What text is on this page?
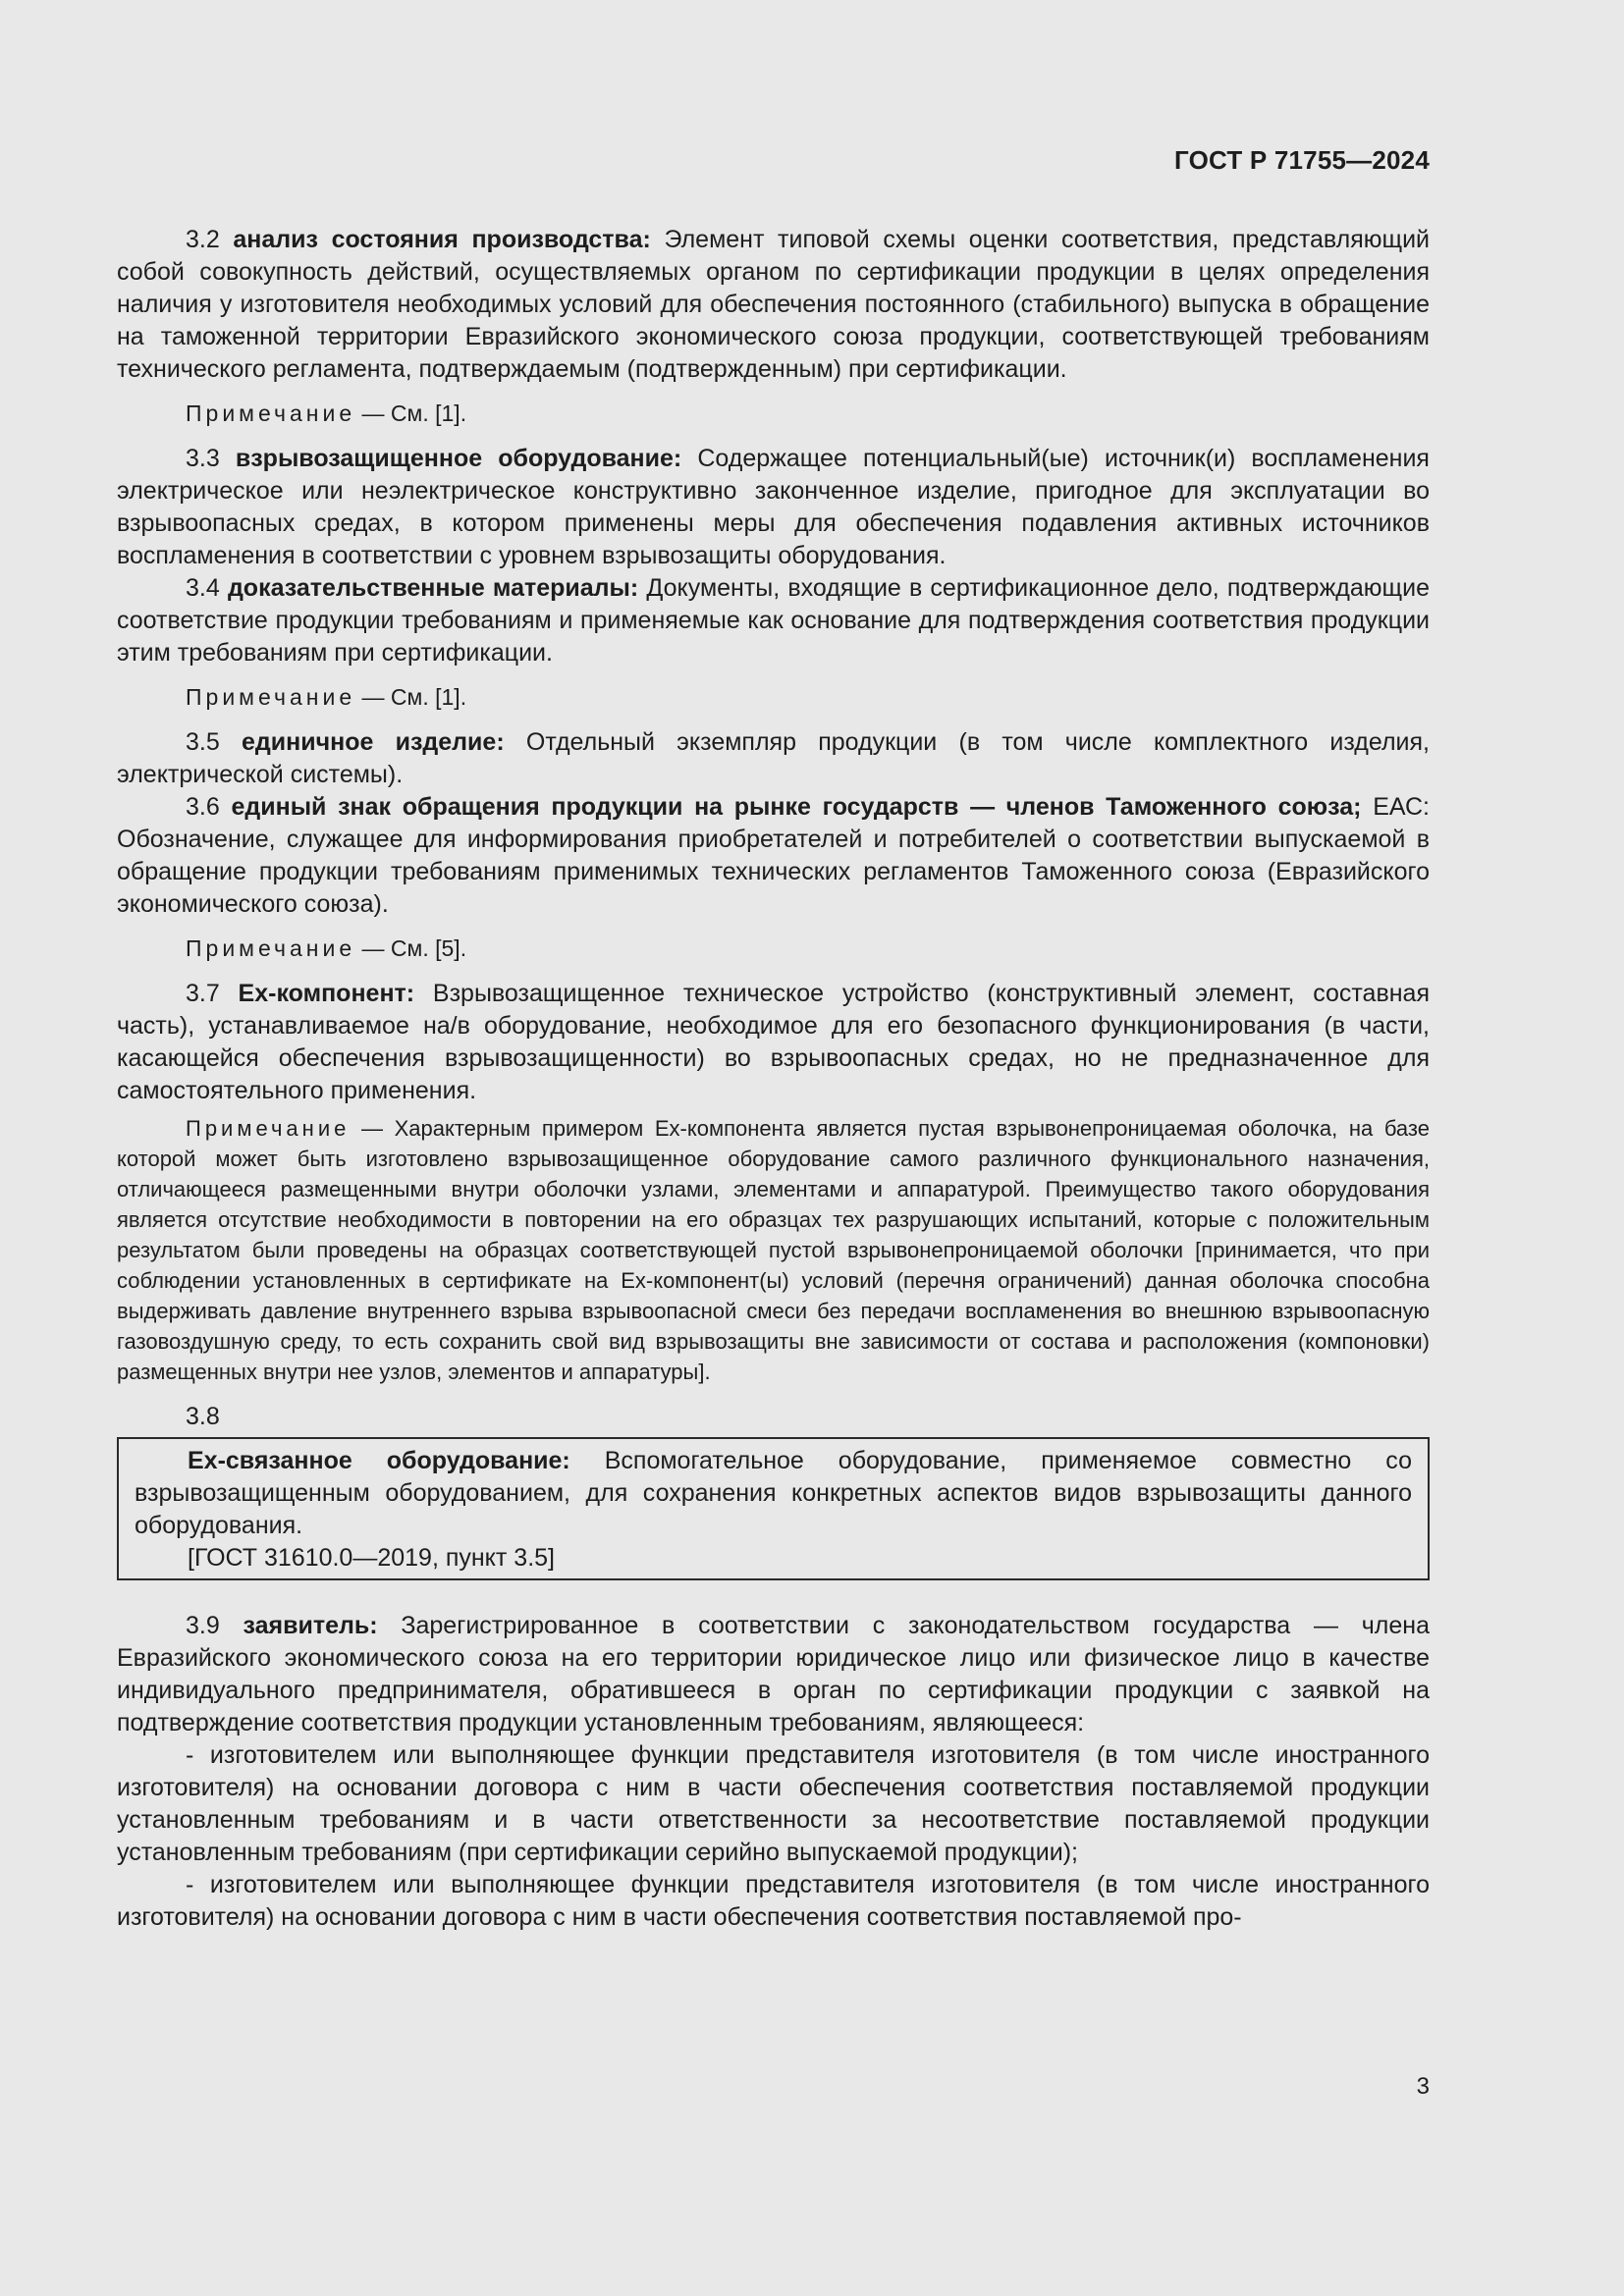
ГОСТ Р 71755—2024

3.2 анализ состояния производства: Элемент типовой схемы оценки соответствия, представляющий собой совокупность действий, осуществляемых органом по сертификации продукции в целях определения наличия у изготовителя необходимых условий для обеспечения постоянного (стабильного) выпуска в обращение на таможенной территории Евразийского экономического союза продукции, соответствующей требованиям технического регламента, подтверждаемым (подтвержденным) при сертификации.

Примечание — См. [1].

3.3 взрывозащищенное оборудование: Содержащее потенциальный(ые) источник(и) воспламенения электрическое или неэлектрическое конструктивно законченное изделие, пригодное для эксплуатации во взрывоопасных средах, в котором применены меры для обеспечения подавления активных источников воспламенения в соответствии с уровнем взрывозащиты оборудования.

3.4 доказательственные материалы: Документы, входящие в сертификационное дело, подтверждающие соответствие продукции требованиям и применяемые как основание для подтверждения соответствия продукции этим требованиям при сертификации.

Примечание — См. [1].

3.5 единичное изделие: Отдельный экземпляр продукции (в том числе комплектного изделия, электрической системы).

3.6 единый знак обращения продукции на рынке государств — членов Таможенного союза; ЕАС: Обозначение, служащее для информирования приобретателей и потребителей о соответствии выпускаемой в обращение продукции требованиям применимых технических регламентов Таможенного союза (Евразийского экономического союза).

Примечание — См. [5].

3.7 Ex-компонент: Взрывозащищенное техническое устройство (конструктивный элемент, составная часть), устанавливаемое на/в оборудование, необходимое для его безопасного функционирования (в части, касающейся обеспечения взрывозащищенности) во взрывоопасных средах, но не предназначенное для самостоятельного применения.

Примечание — Характерным примером Ex-компонента является пустая взрывонепроницаемая оболочка, на базе которой может быть изготовлено взрывозащищенное оборудование самого различного функционального назначения, отличающееся размещенными внутри оболочки узлами, элементами и аппаратурой. Преимущество такого оборудования является отсутствие необходимости в повторении на его образцах тех разрушающих испытаний, которые с положительным результатом были проведены на образцах соответствующей пустой взрывонепроницаемой оболочки [принимается, что при соблюдении установленных в сертификате на Ex-компонент(ы) условий (перечня ограничений) данная оболочка способна выдерживать давление внутреннего взрыва взрывоопасной смеси без передачи воспламенения во внешнюю взрывоопасную газовоздушную среду, то есть сохранить свой вид взрывозащиты вне зависимости от состава и расположения (компоновки) размещенных внутри нее узлов, элементов и аппаратуры].

3.8

Ex-связанное оборудование: Вспомогательное оборудование, применяемое совместно со взрывозащищенным оборудованием, для сохранения конкретных аспектов видов взрывозащиты данного оборудования.

[ГОСТ 31610.0—2019, пункт 3.5]

3.9 заявитель: Зарегистрированное в соответствии с законодательством государства — члена Евразийского экономического союза на его территории юридическое лицо или физическое лицо в качестве индивидуального предпринимателя, обратившееся в орган по сертификации продукции с заявкой на подтверждение соответствия продукции установленным требованиям, являющееся:

- изготовителем или выполняющее функции представителя изготовителя (в том числе иностранного изготовителя) на основании договора с ним в части обеспечения соответствия поставляемой продукции установленным требованиям и в части ответственности за несоответствие поставляемой продукции установленным требованиям (при сертификации серийно выпускаемой продукции);

- изготовителем или выполняющее функции представителя изготовителя (в том числе иностранного изготовителя) на основании договора с ним в части обеспечения соответствия поставляемой про-

3
